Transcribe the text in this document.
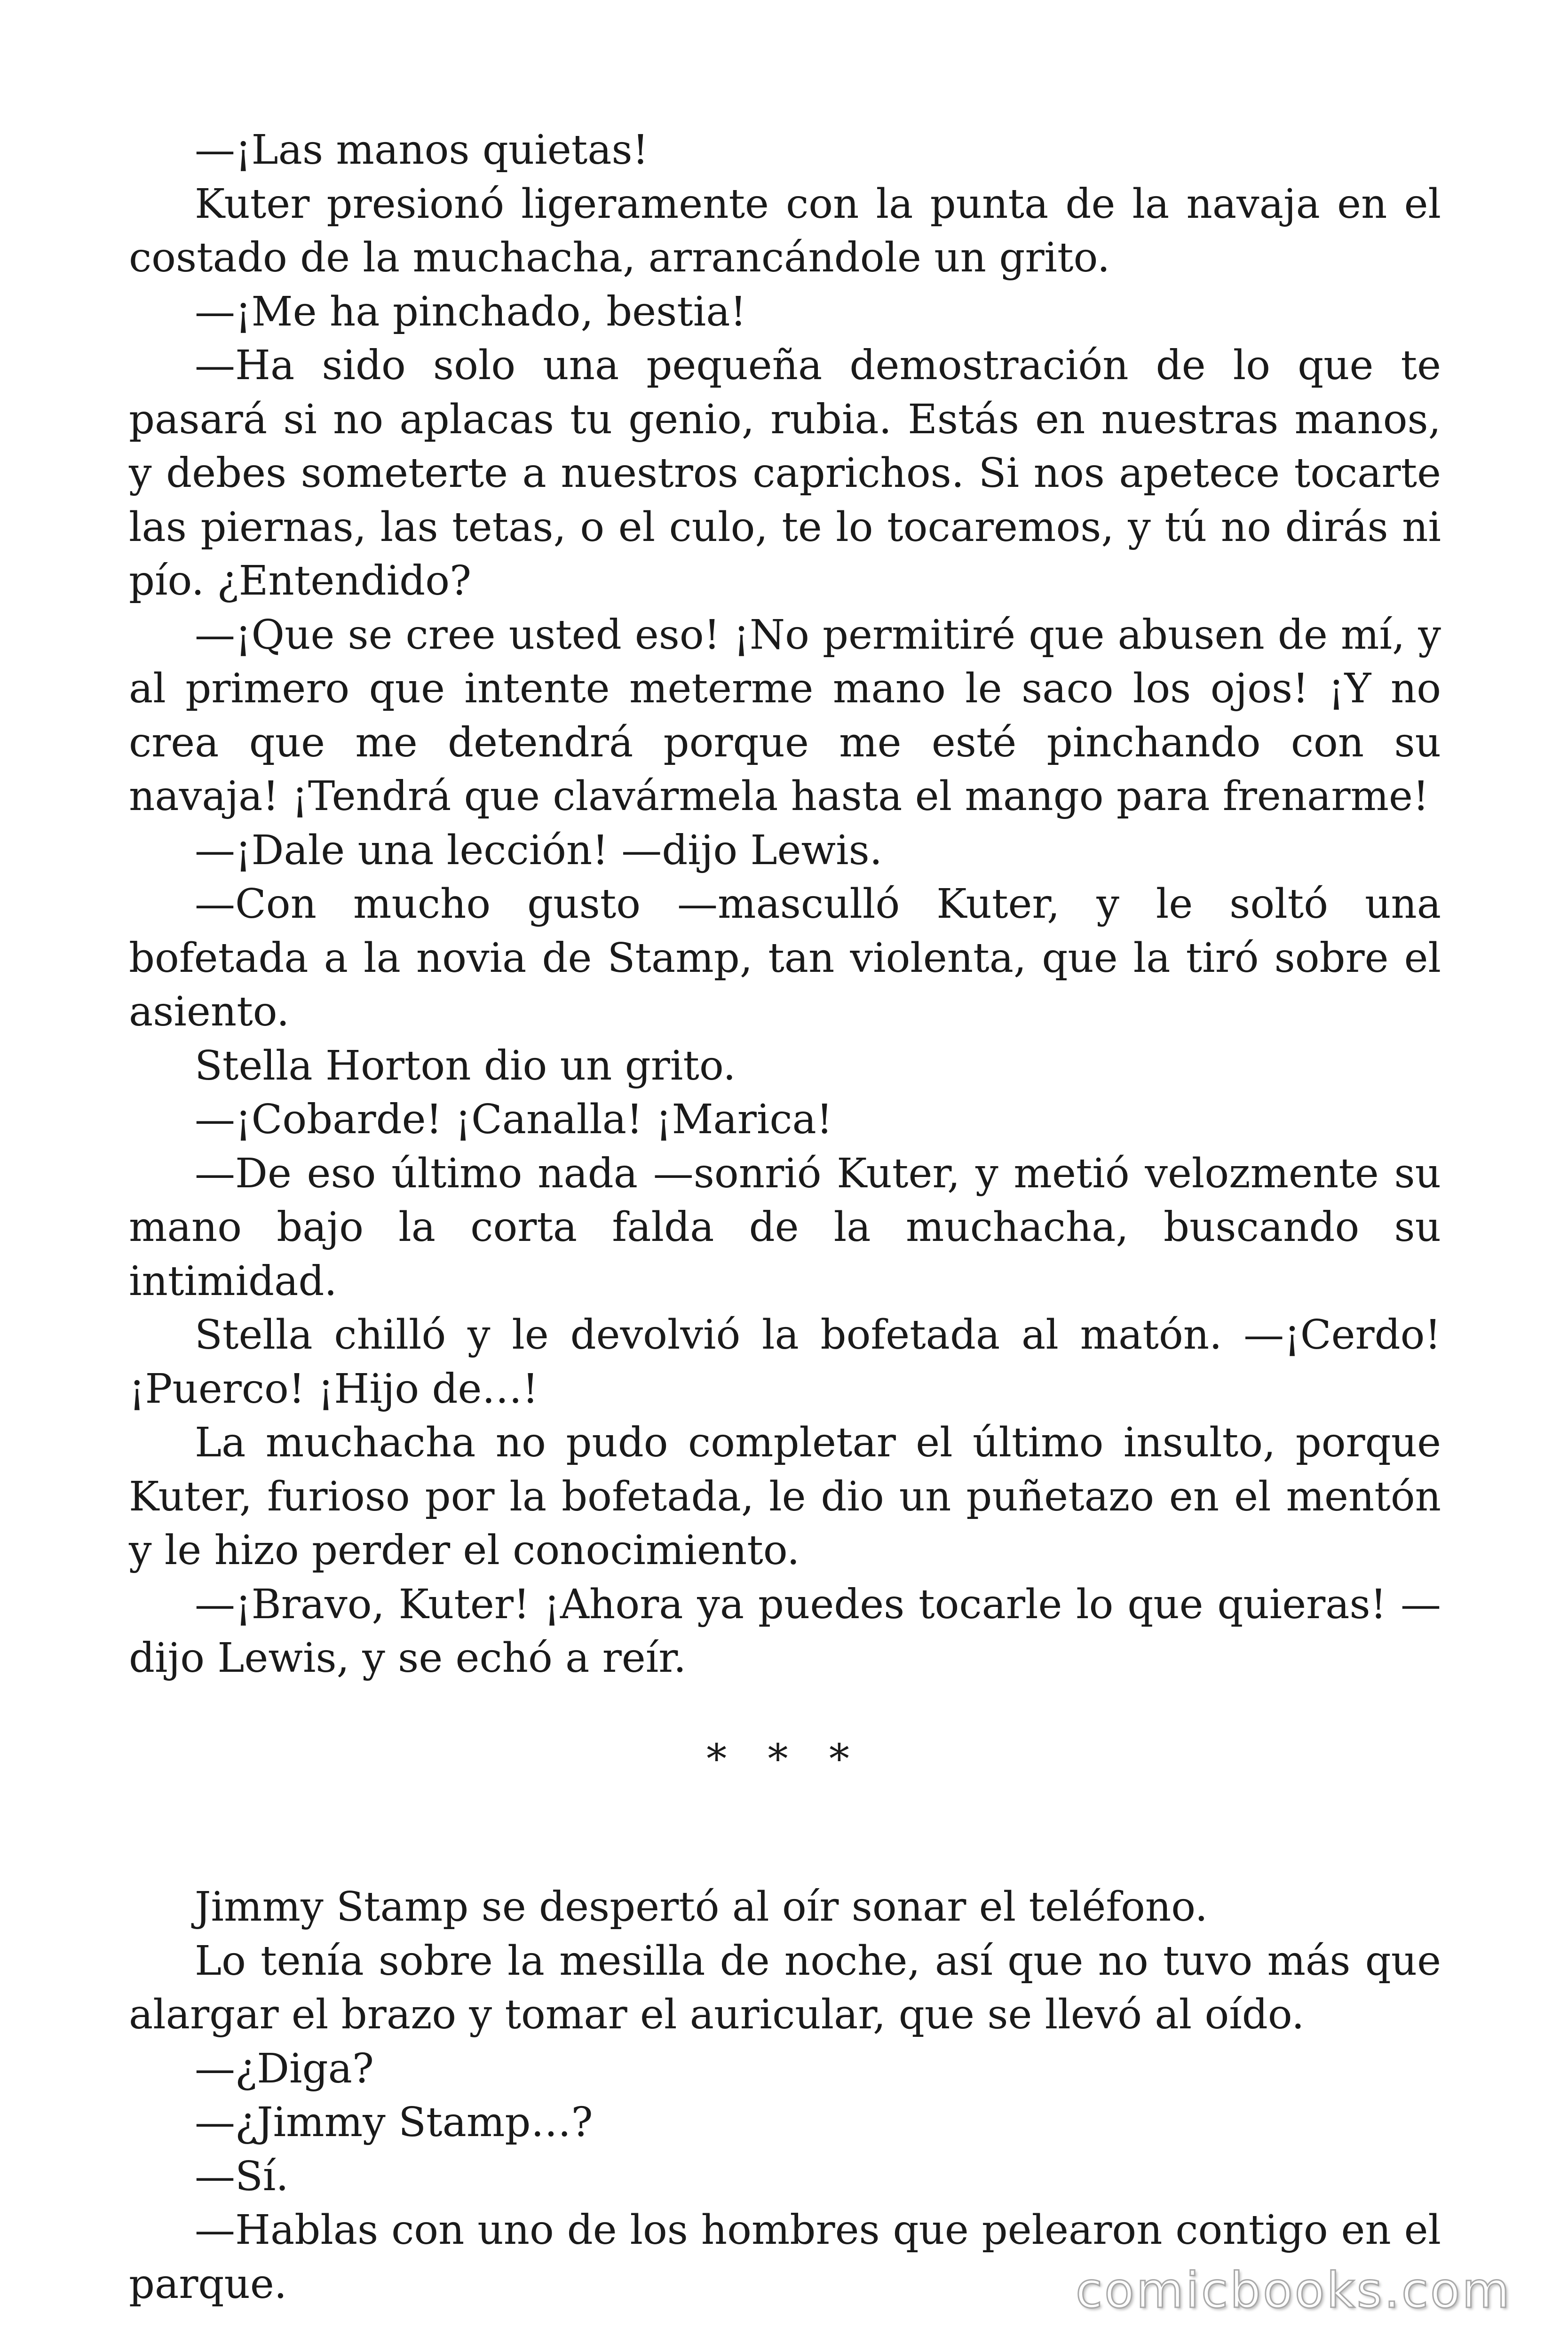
—¡Las manos quietas!

Kuter presionó ligeramente con la punta de la navaja en el costado de la muchacha, arrancándole un grito.

—¡Me ha pinchado, bestia!

—Ha sido solo una pequeña demostración de lo que te pasará si no aplacas tu genio, rubia. Estás en nuestras manos, y debes someterte a nuestros caprichos. Si nos apetece tocarte las piernas, las tetas, o el culo, te lo tocaremos, y tú no dirás ni pío. ¿Entendido?

—¡Que se cree usted eso! ¡No permitiré que abusen de mí, y al primero que intente meterme mano le saco los ojos! ¡Y no crea que me detendrá porque me esté pinchando con su navaja! ¡Tendrá que clavármela hasta el mango para frenarme!

—¡Dale una lección! —dijo Lewis.

—Con mucho gusto —masculló Kuter, y le soltó una bofetada a la novia de Stamp, tan violenta, que la tiró sobre el asiento.

Stella Horton dio un grito.

—¡Cobarde! ¡Canalla! ¡Marica!

—De eso último nada —sonrió Kuter, y metió velozmente su mano bajo la corta falda de la muchacha, buscando su intimidad.

Stella chilló y le devolvió la bofetada al matón. —¡Cerdo! ¡Puerco! ¡Hijo de…!

La muchacha no pudo completar el último insulto, porque Kuter, furioso por la bofetada, le dio un puñetazo en el mentón y le hizo perder el conocimiento.

—¡Bravo, Kuter! ¡Ahora ya puedes tocarle lo que quieras! —dijo Lewis, y se echó a reír.

* * *

Jimmy Stamp se despertó al oír sonar el teléfono.

Lo tenía sobre la mesilla de noche, así que no tuvo más que alargar el brazo y tomar el auricular, que se llevó al oído.

—¿Diga?

—¿Jimmy Stamp…?

—Sí.

—Hablas con uno de los hombres que pelearon contigo en el parque.	comicbooks.com
